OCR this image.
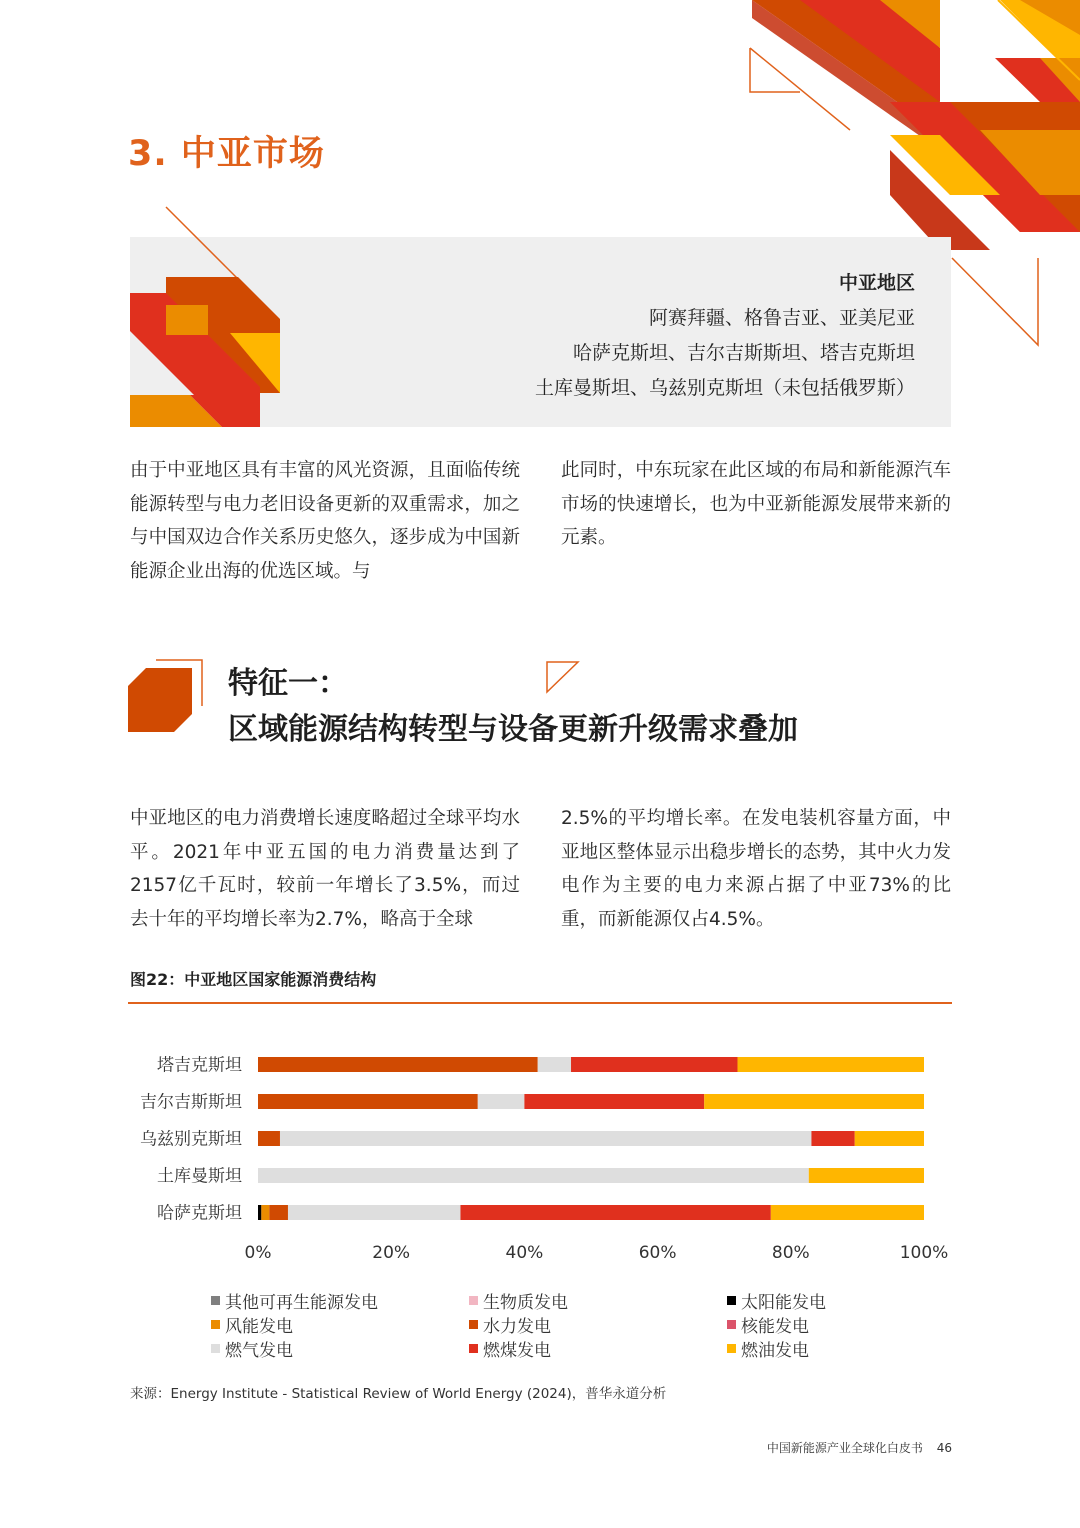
3. 中亚市场
中亚地区
阿赛拜疆、格鲁吉亚、亚美尼亚
哈萨克斯坦、吉尔吉斯斯坦、塔吉克斯坦
土库曼斯坦、乌兹别克斯坦（未包括俄罗斯）
由于中亚地区具有丰富的风光资源，且面临传统能源转型与电力老旧设备更新的双重需求，加之与中国双边合作关系历史悠久，逐步成为中国新能源企业出海的优选区域。与
此同时，中东玩家在此区域的布局和新能源汽车市场的快速增长，也为中亚新能源发展带来新的元素。
特征一：
区域能源结构转型与设备更新升级需求叠加
中亚地区的电力消费增长速度略超过全球平均水平。2021年中亚五国的电力消费量达到了2157亿千瓦时，较前一年增长了3.5%，而过去十年的平均增长率为2.7%，略高于全球
2.5%的平均增长率。在发电装机容量方面，中亚地区整体显示出稳步增长的态势，其中火力发电作为主要的电力来源占据了中亚73%的比重，而新能源仅占4.5%。
图22：中亚地区国家能源消费结构
塔吉克斯坦
吉尔吉斯斯坦
乌兹别克斯坦
土库曼斯坦
哈萨克斯坦
0%	20%	40%	60%	80%	100%
其他可再生能源发电	生物质发电	太阳能发电
风能发电	水力发电	核能发电
燃气发电	燃煤发电	燃油发电
来源：Energy Institute - Statistical Review of World Energy (2024)，普华永道分析
中国新能源产业全球化白皮书 46
